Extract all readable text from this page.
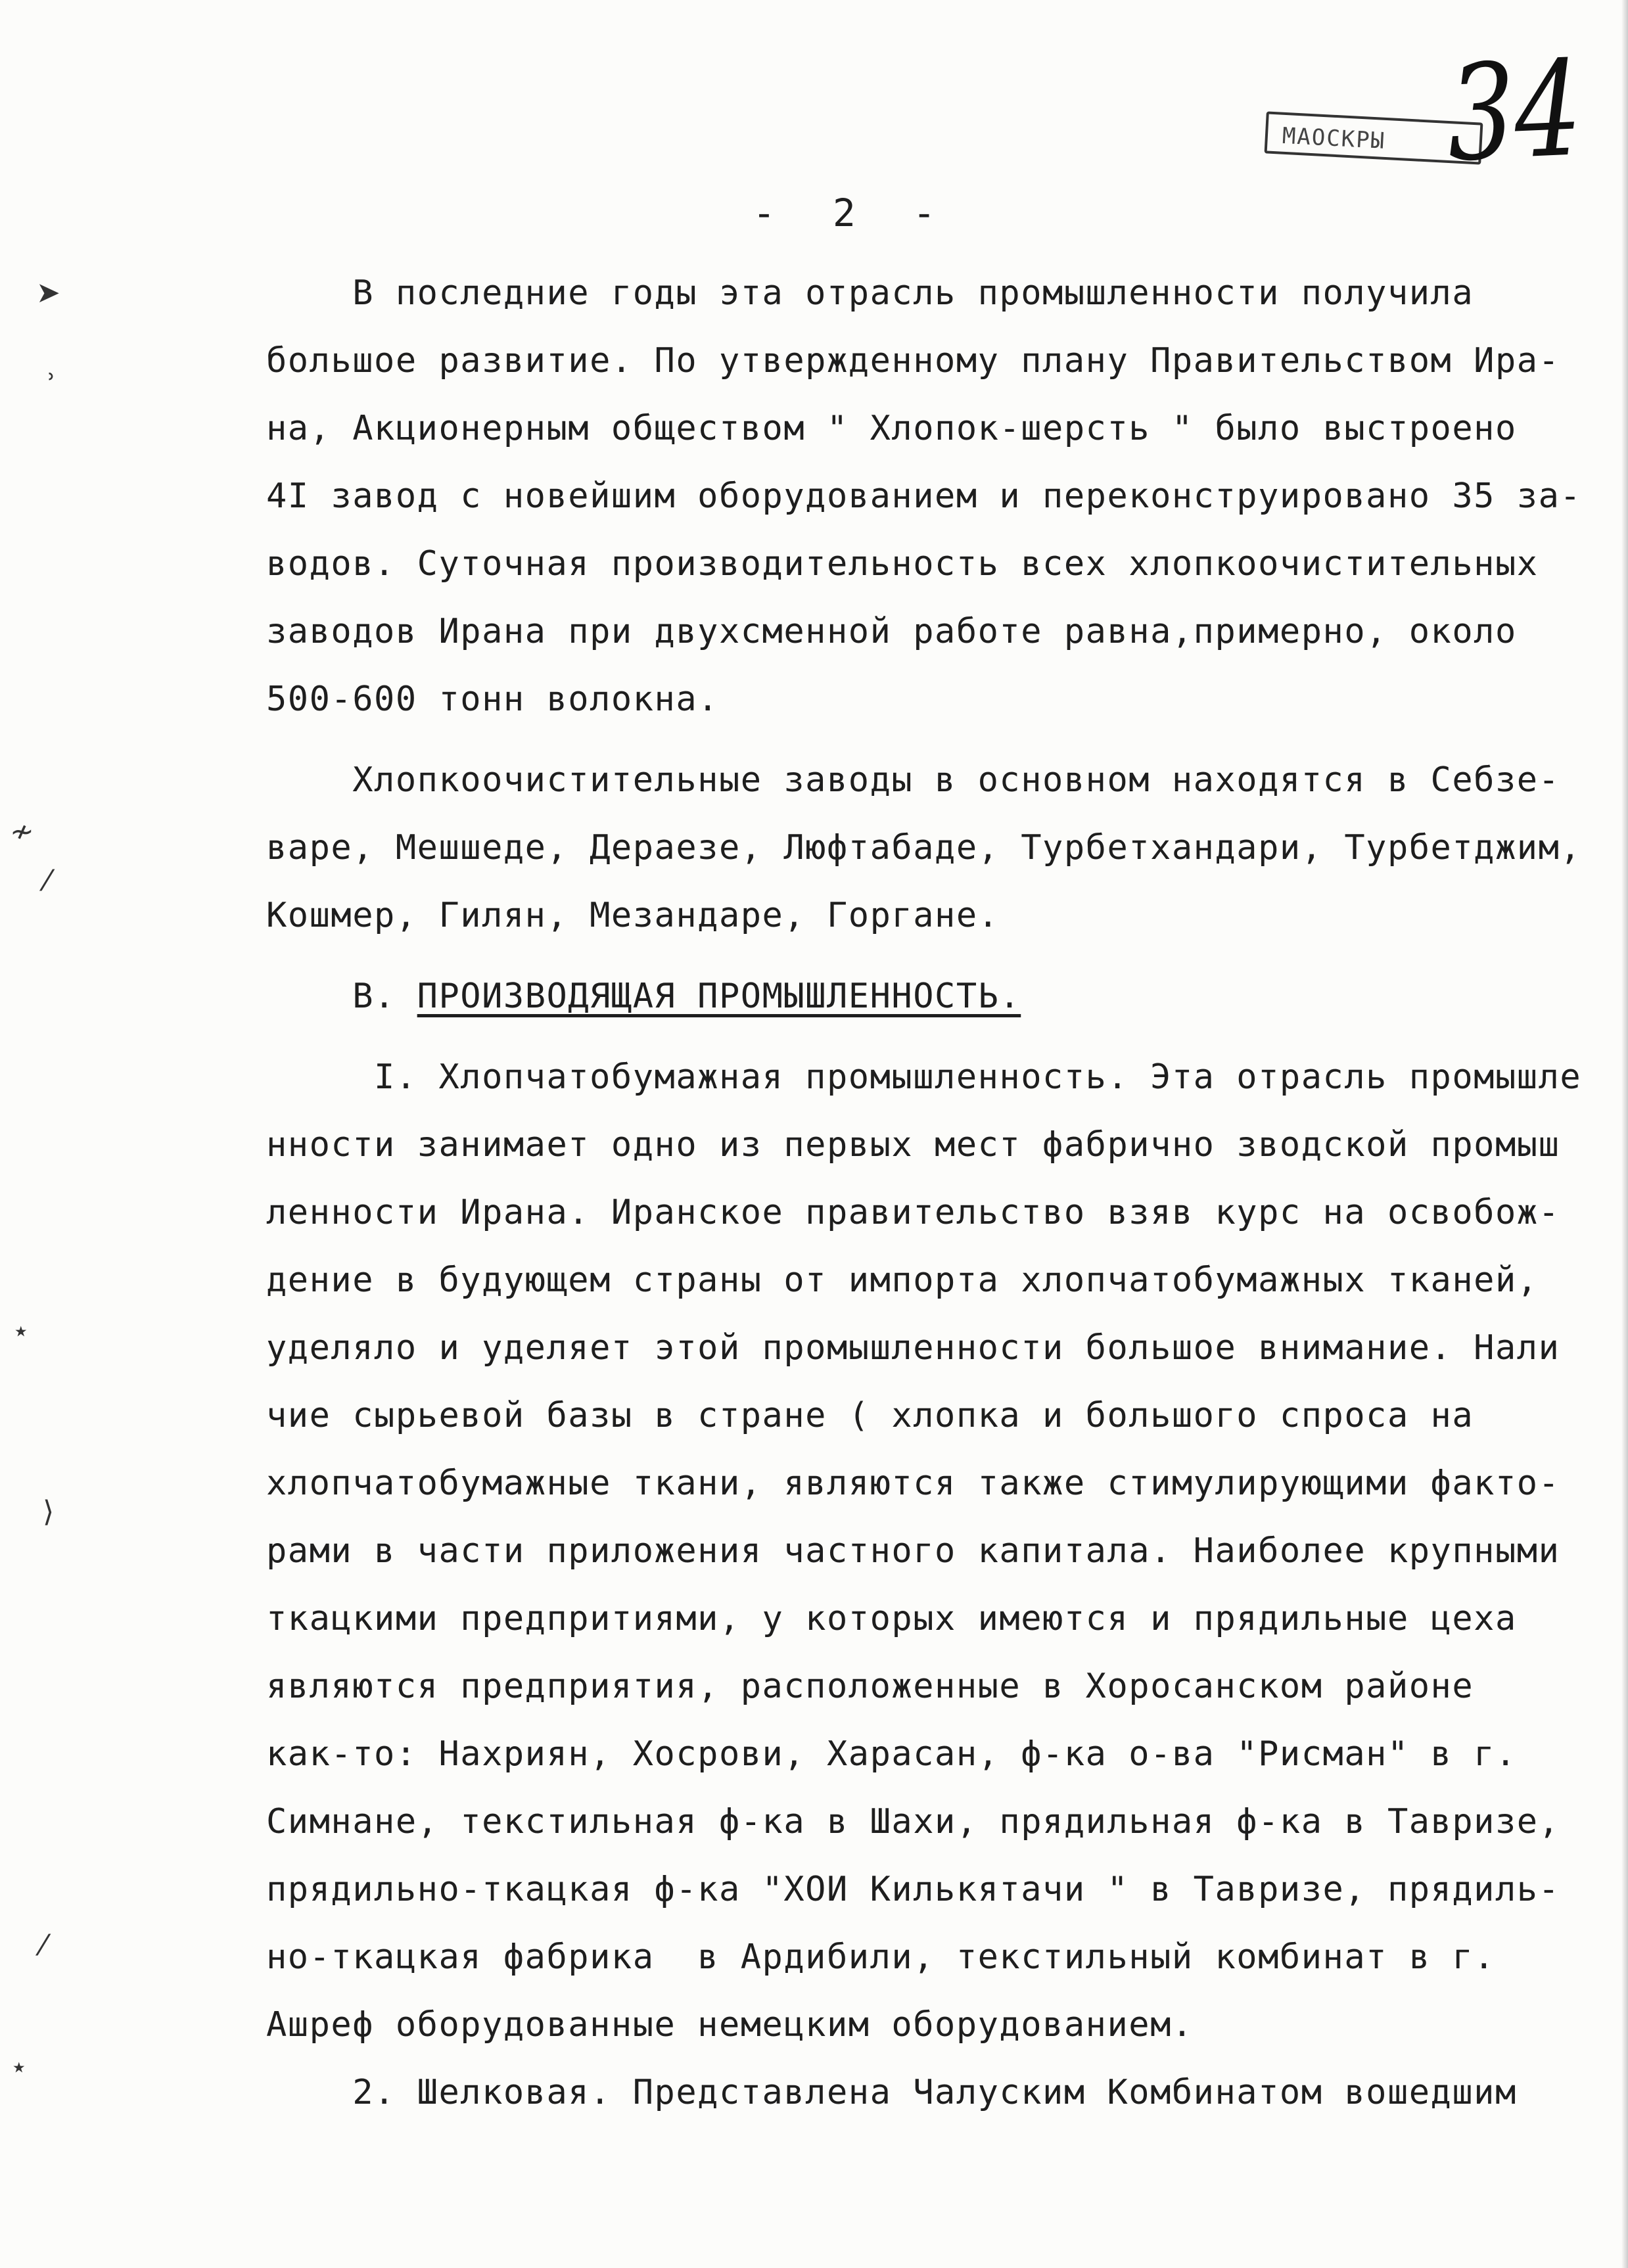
МАОСКРЫ 34
- 2 -
➤
ʾ
≁
⁄
⋆
⟩
⁄
⋆
В последние годы эта отрасль промышленности получила
большое развитие. По утвержденному плану Правительством Ира-
на, Акционерным обществом " Хлопок-шерсть " было выстроено
4I завод с новейшим оборудованием и переконструировано 35 за-
водов. Суточная производительность всех хлопкоочистительных
заводов Ирана при двухсменной работе равна,примерно, около
500-600 тонн волокна.
Хлопкоочистительные заводы в основном находятся в Себзе-
варе, Мешшеде, Дераезе, Люфтабаде, Турбетхандари, Турбетджим,
Кошмер, Гилян, Мезандаре, Горгане.
В. ПРОИЗВОДЯЩАЯ ПРОМЫШЛЕННОСТЬ.
I. Хлопчатобумажная промышленность. Эта отрасль промышле
нности занимает одно из первых мест фабрично зводской промыш
ленности Ирана. Иранское правительство взяв курс на освобож-
дение в будующем страны от импорта хлопчатобумажных тканей,
уделяло и уделяет этой промышленности большое внимание. Нали
чие сырьевой базы в стране ( хлопка и большого спроса на
хлопчатобумажные ткани, являются также стимулирующими факто-
рами в части приложения частного капитала. Наиболее крупными
ткацкими предпритиями, у которых имеются и прядильные цеха
являются предприятия, расположенные в Хоросанском районе
как-то: Нахриян, Хосрови, Харасан, ф-ка о-ва "Рисман" в г.
Симнане, текстильная ф-ка в Шахи, прядильная ф-ка в Тавризе,
прядильно-ткацкая ф-ка "ХОИ Килькятачи " в Тавризе, прядиль-
но-ткацкая фабрика  в Ардибили, текстильный комбинат в г.
Ашреф оборудованные немецким оборудованием.
2. Шелковая. Представлена Чалуским Комбинатом вошедшим
